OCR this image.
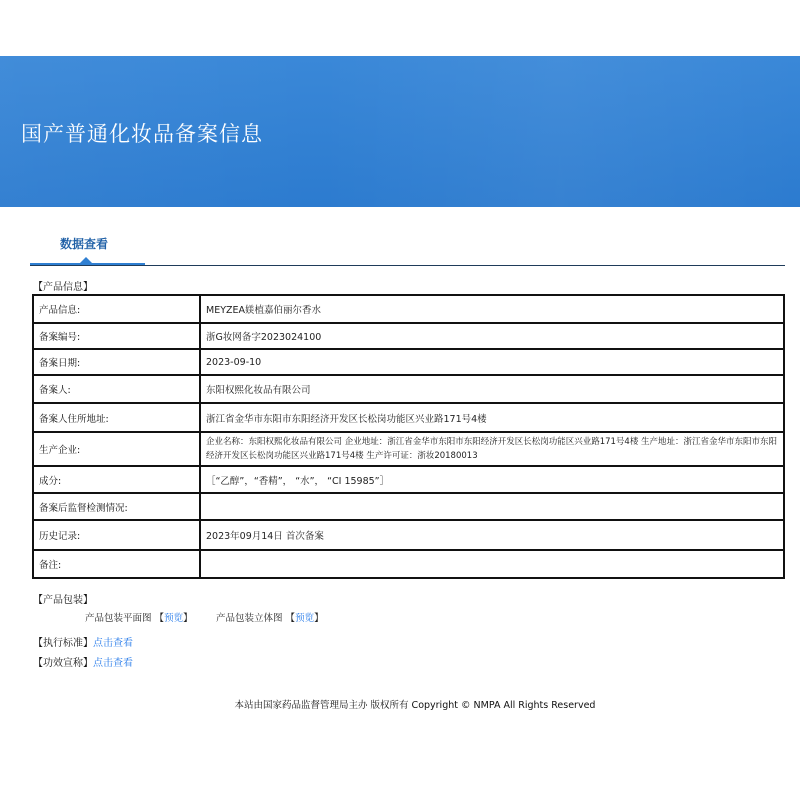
国产普通化妆品备案信息
数据查看
【产品信息】
产品信息:	MEYZEA媄植嘉伯丽尔香水
备案编号:	浙G妆网备字2023024100
备案日期:	2023-09-10
备案人:	东阳权熙化妆品有限公司
备案人住所地址:	浙江省金华市东阳市东阳经济开发区长松岗功能区兴业路171号4楼
生产企业:	企业名称：东阳权熙化妆品有限公司 企业地址：浙江省金华市东阳市东阳经济开发区长松岗功能区兴业路171号4楼 生产地址：浙江省金华市东阳市东阳经济开发区长松岗功能区兴业路171号4楼 生产许可证：浙妆20180013
成分:	［“乙醇”，“香精”， “水”， “CI 15985”］
备案后监督检测情况:	
历史记录:	2023年09月14日 首次备案
备注:	
【产品包装】
产品包装平面图 【预览】 产品包装立体图 【预览】
【执行标准】点击查看
【功效宣称】点击查看
本站由国家药品监督管理局主办 版权所有 Copyright © NMPA All Rights Reserved
